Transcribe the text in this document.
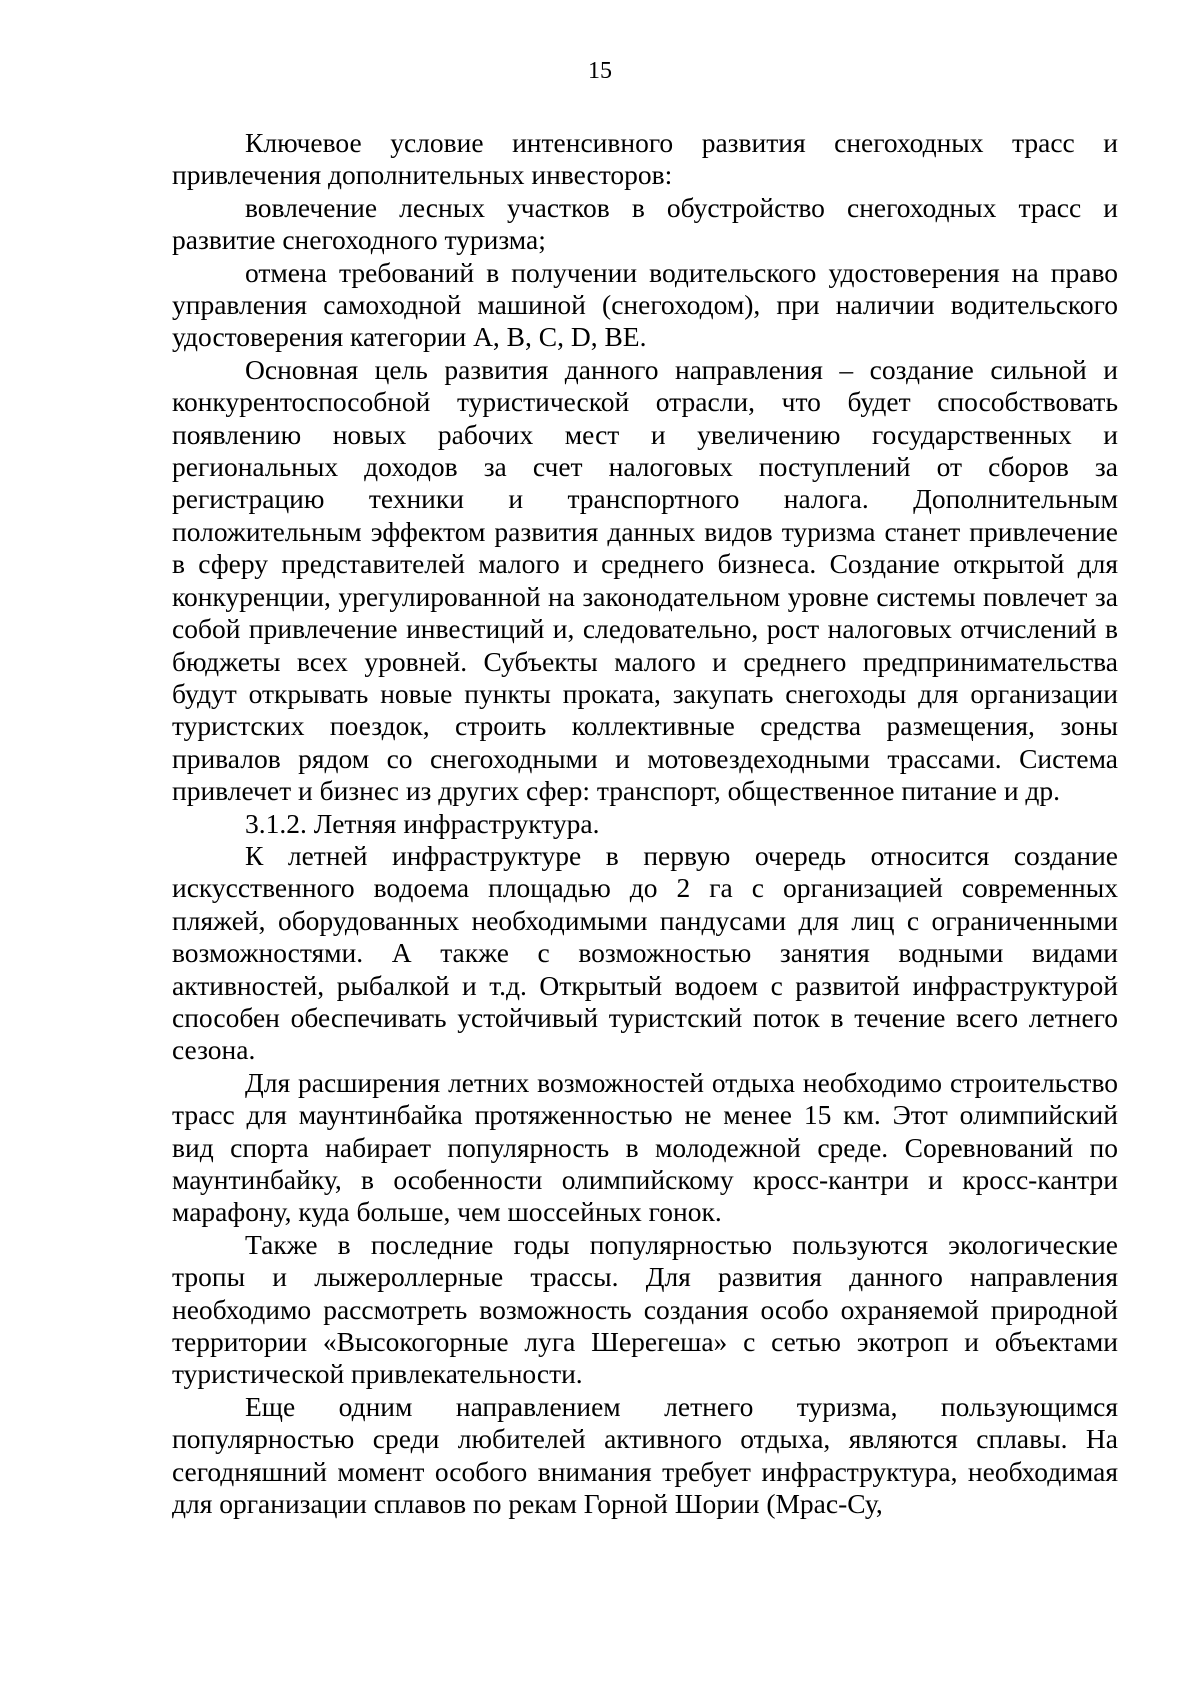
15

Ключевое условие интенсивного развития снегоходных трасс и привлечения дополнительных инвесторов:

вовлечение лесных участков в обустройство снегоходных трасс и развитие снегоходного туризма;

отмена требований в получении водительского удостоверения на право управления самоходной машиной (снегоходом), при наличии водительского удостоверения категории A, B, C, D, BE.

Основная цель развития данного направления – создание сильной и конкурентоспособной туристической отрасли, что будет способствовать появлению новых рабочих мест и увеличению государственных и региональных доходов за счет налоговых поступлений от сборов за регистрацию техники и транспортного налога. Дополнительным положительным эффектом развития данных видов туризма станет привлечение в сферу представителей малого и среднего бизнеса. Создание открытой для конкуренции, урегулированной на законодательном уровне системы повлечет за собой привлечение инвестиций и, следовательно, рост налоговых отчислений в бюджеты всех уровней. Субъекты малого и среднего предпринимательства будут открывать новые пункты проката, закупать снегоходы для организации туристских поездок, строить коллективные средства размещения, зоны привалов рядом со снегоходными и мотовездеходными трассами. Система привлечет и бизнес из других сфер: транспорт, общественное питание и др.

3.1.2. Летняя инфраструктура.

К летней инфраструктуре в первую очередь относится создание искусственного водоема площадью до 2 га с организацией современных пляжей, оборудованных необходимыми пандусами для лиц с ограниченными возможностями. А также с возможностью занятия водными видами активностей, рыбалкой и т.д. Открытый водоем с развитой инфраструктурой способен обеспечивать устойчивый туристский поток в течение всего летнего сезона.

Для расширения летних возможностей отдыха необходимо строительство трасс для маунтинбайка протяженностью не менее 15 км. Этот олимпийский вид спорта набирает популярность в молодежной среде. Соревнований по маунтинбайку, в особенности олимпийскому кросс-кантри и кросс-кантри марафону, куда больше, чем шоссейных гонок.

Также в последние годы популярностью пользуются экологические тропы и лыжероллерные трассы. Для развития данного направления необходимо рассмотреть возможность создания особо охраняемой природной территории «Высокогорные луга Шерегеша» с сетью экотроп и объектами туристической привлекательности.

Еще одним направлением летнего туризма, пользующимся популярностью среди любителей активного отдыха, являются сплавы. На сегодняшний момент особого внимания требует инфраструктура, необходимая для организации сплавов по рекам Горной Шории (Мрас-Су,
